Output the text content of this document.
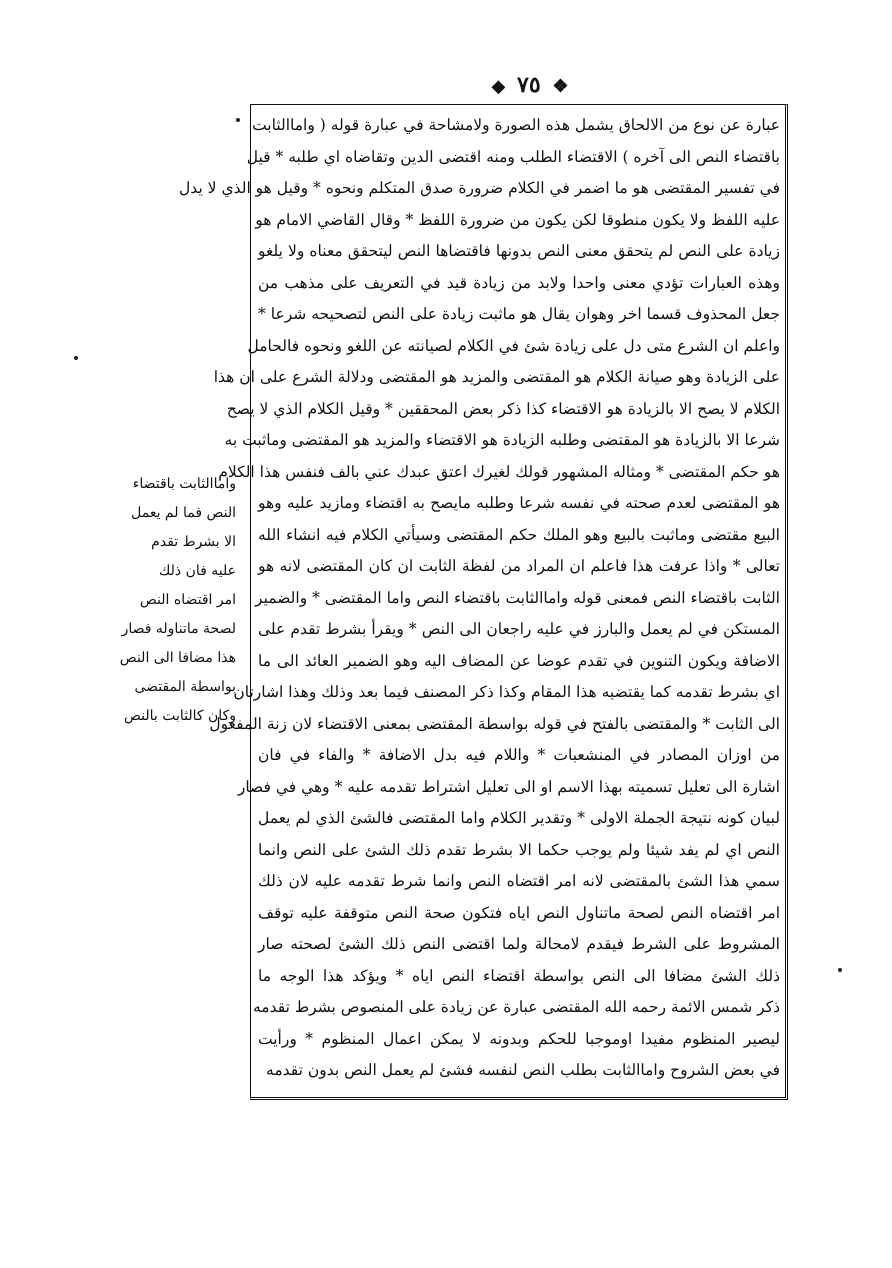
❖ ٧٥ ◆
عبارة عن نوع من الالحاق يشمل هذه الصورة ولامشاحة في عبارة قوله ( واماالثابت
باقتضاء النص الى آخره ) الاقتضاء الطلب ومنه اقتضى الدين وتقاضاه اي طلبه * قيل
في تفسير المقتضى هو ما اضمر في الكلام ضرورة صدق المتكلم ونحوه * وقيل هو الذي لا يدل
عليه اللفظ ولا يكون منطوقا لكن يكون من ضرورة اللفظ * وقال القاضي الامام هو
زيادة على النص لم يتحقق معنى النص بدونها فاقتضاها النص ليتحقق معناه ولا يلغو
وهذه العبارات تؤدي معنى واحدا ولابد من زيادة قيد في التعريف على مذهب من
جعل المحذوف قسما اخر وهوان يقال هو ماثبت زيادة على النص لتصحيحه شرعا *
واعلم ان الشرع متى دل على زيادة شئ في الكلام لصيانته عن اللغو ونحوه فالحامل
على الزيادة وهو صيانة الكلام هو المقتضى والمزيد هو المقتضى ودلالة الشرع على ان هذا
الكلام لا يصح الا بالزيادة هو الاقتضاء كذا ذكر بعض المحققين * وقيل الكلام الذي لا يصح
شرعا الا بالزيادة هو المقتضى وطلبه الزيادة هو الاقتضاء والمزيد هو المقتضى وماثبت به
هو حكم المقتضى * ومثاله المشهور قولك لغيرك اعتق عبدك عني بالف فنفس هذا الكلام
هو المقتضى لعدم صحته في نفسه شرعا وطلبه مايصح به اقتضاء ومازيد عليه وهو
البيع مقتضى وماثبت بالبيع وهو الملك حكم المقتضى وسيأتي الكلام فيه انشاء الله
تعالى * واذا عرفت هذا فاعلم ان المراد من لفظة الثابت ان كان المقتضى لانه هو
الثابت باقتضاء النص فمعنى قوله واماالثابت باقتضاء النص واما المقتضى * والضمير
المستكن في لم يعمل والبارز في عليه راجعان الى النص * ويقرأ بشرط تقدم على
الاضافة ويكون التنوين في تقدم عوضا عن المضاف اليه وهو الضمير العائد الى ما
اي بشرط تقدمه كما يقتضيه هذا المقام وكذا ذكر المصنف فيما بعد وذلك وهذا اشارتان
الى الثابت * والمقتضى بالفتح في قوله بواسطة المقتضى بمعنى الاقتضاء لان زنة المفعول
من اوزان المصادر في المنشعبات * واللام فيه بدل الاضافة * والفاء في فان
اشارة الى تعليل تسميته بهذا الاسم او الى تعليل اشتراط تقدمه عليه * وهي في فصار
لبيان كونه نتيجة الجملة الاولى * وتقدير الكلام واما المقتضى فالشئ الذي لم يعمل
النص اي لم يفد شيئا ولم يوجب حكما الا بشرط تقدم ذلك الشئ على النص وانما
سمي هذا الشئ بالمقتضى لانه امر اقتضاه النص وانما شرط تقدمه عليه لان ذلك
امر اقتضاه النص لصحة ماتناول النص اياه فتكون صحة النص متوقفة عليه توقف
المشروط على الشرط فيقدم لامحالة ولما اقتضى النص ذلك الشئ لصحته صار
ذلك الشئ مضافا الى النص بواسطة اقتضاء النص اياه * ويؤكد هذا الوجه ما
ذكر شمس الائمة رحمه الله المقتضى عبارة عن زيادة على المنصوص بشرط تقدمه
ليصير المنظوم مفيدا اوموجبا للحكم وبدونه لا يمكن اعمال المنظوم * ورأيت
في بعض الشروح واماالثابت بطلب النص لنفسه فشئ لم يعمل النص بدون تقدمه
واماالثابت باقتضاء
النص فما لم يعمل
الا بشرط تقدم
عليه فان ذلك
امر اقتضاه النص
لصحة ماتناوله فصار
هذا مضافا الى النص
بواسطة المقتضى
وكان كالثابت بالنص
